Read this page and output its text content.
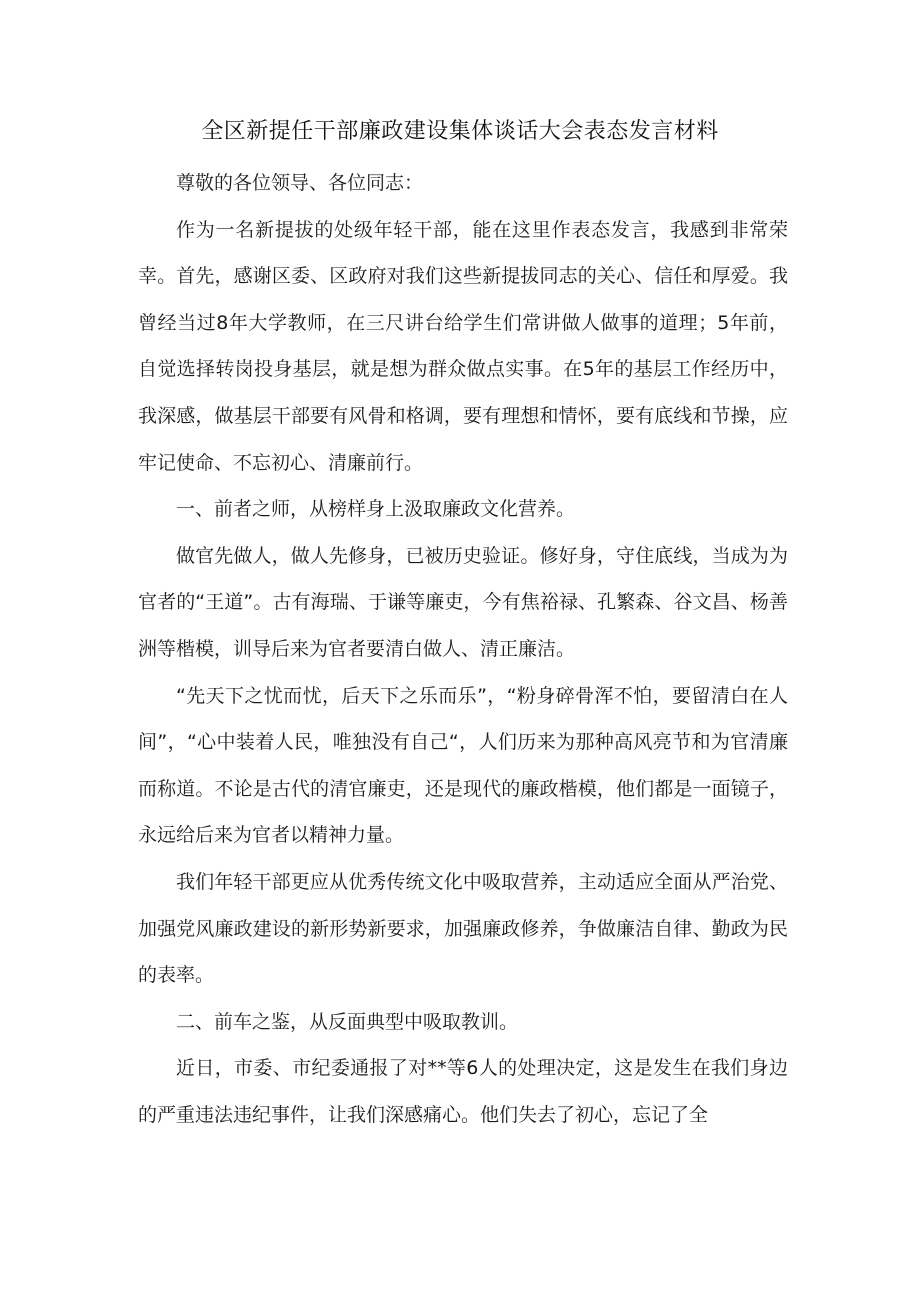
全区新提任干部廉政建设集体谈话大会表态发言材料

尊敬的各位领导、各位同志：

作为一名新提拔的处级年轻干部，能在这里作表态发言，我感到非常荣幸。首先，感谢区委、区政府对我们这些新提拔同志的关心、信任和厚爱。我曾经当过8年大学教师，在三尺讲台给学生们常讲做人做事的道理；5年前，自觉选择转岗投身基层，就是想为群众做点实事。在5年的基层工作经历中，我深感，做基层干部要有风骨和格调，要有理想和情怀，要有底线和节操，应牢记使命、不忘初心、清廉前行。

一、前者之师，从榜样身上汲取廉政文化营养。

做官先做人，做人先修身，已被历史验证。修好身，守住底线，当成为为官者的“王道”。古有海瑞、于谦等廉吏，今有焦裕禄、孔繁森、谷文昌、杨善洲等楷模，训导后来为官者要清白做人、清正廉洁。

“先天下之忧而忧，后天下之乐而乐”，“粉身碎骨浑不怕，要留清白在人间”，“心中装着人民，唯独没有自己“，人们历来为那种高风亮节和为官清廉而称道。不论是古代的清官廉吏，还是现代的廉政楷模，他们都是一面镜子，永远给后来为官者以精神力量。

我们年轻干部更应从优秀传统文化中吸取营养，主动适应全面从严治党、加强党风廉政建设的新形势新要求，加强廉政修养，争做廉洁自律、勤政为民的表率。

二、前车之鉴，从反面典型中吸取教训。

近日，市委、市纪委通报了对**等6人的处理决定，这是发生在我们身边的严重违法违纪事件，让我们深感痛心。他们失去了初心，忘记了全
